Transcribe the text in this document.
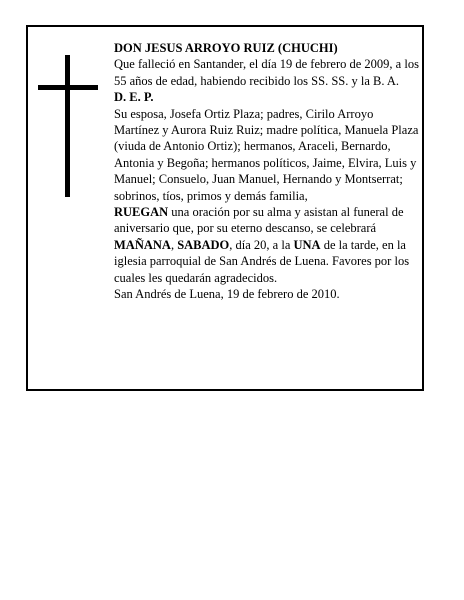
DON JESUS ARROYO RUIZ (CHUCHI)

Que falleció en Santander, el día 19 de febrero de 2009, a los 55 años de edad, habiendo recibido los SS. SS. y la B. A.

D. E. P.

Su esposa, Josefa Ortiz Plaza; padres, Cirilo Arroyo Martínez y Aurora Ruiz Ruiz; madre política, Manuela Plaza (viuda de Antonio Ortiz); hermanos, Araceli, Bernardo, Antonia y Begoña; hermanos políticos, Jaime, Elvira, Luis y Manuel; Consuelo, Juan Manuel, Hernando y Montserrat; sobrinos, tíos, primos y demás familia,

RUEGAN una oración por su alma y asistan al funeral de aniversario que, por su eterno descanso, se celebrará MAÑANA, SABADO, día 20, a la UNA de la tarde, en la iglesia parroquial de San Andrés de Luena. Favores por los cuales les quedarán agradecidos.

San Andrés de Luena, 19 de febrero de 2010.
